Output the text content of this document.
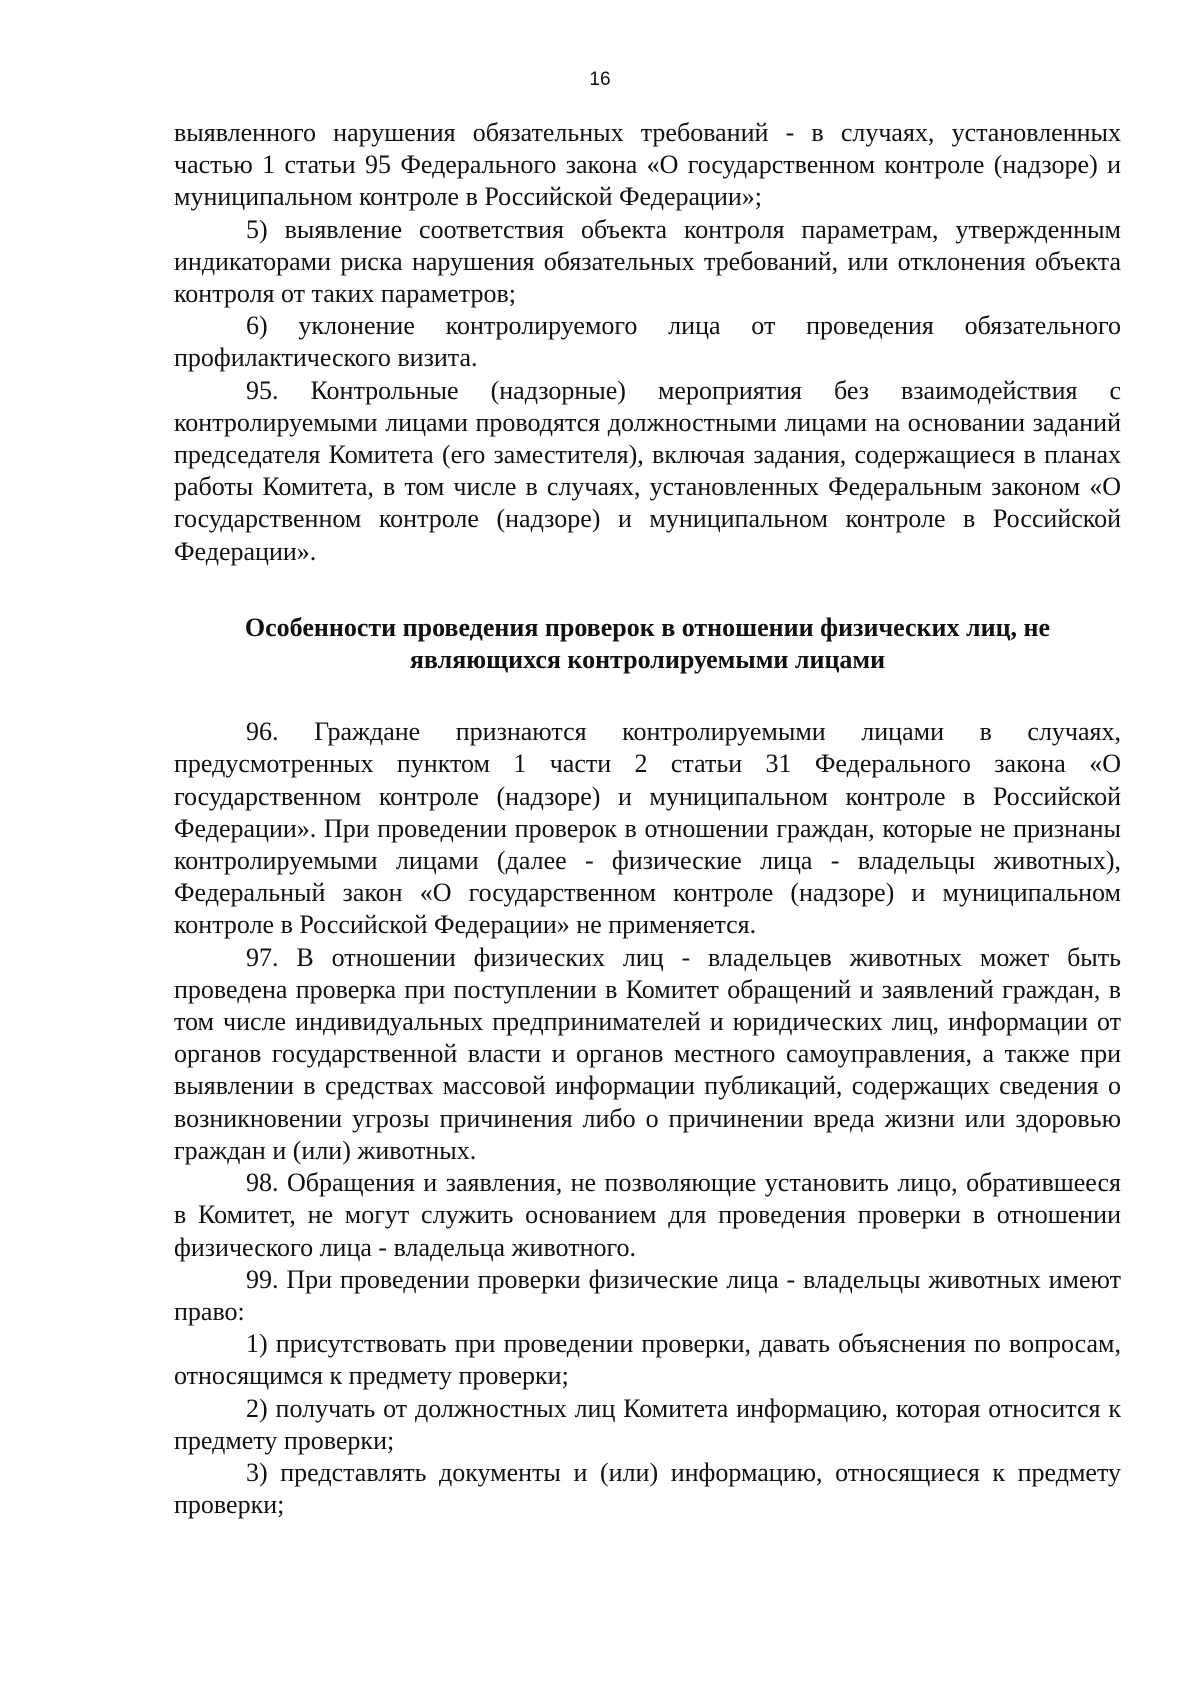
16

выявленного нарушения обязательных требований - в случаях, установленных частью 1 статьи 95 Федерального закона «О государственном контроле (надзоре) и муниципальном контроле в Российской Федерации»;

5) выявление соответствия объекта контроля параметрам, утвержденным индикаторами риска нарушения обязательных требований, или отклонения объекта контроля от таких параметров;

6) уклонение контролируемого лица от проведения обязательного профилактического визита.

95. Контрольные (надзорные) мероприятия без взаимодействия с контролируемыми лицами проводятся должностными лицами на основании заданий председателя Комитета (его заместителя), включая задания, содержащиеся в планах работы Комитета, в том числе в случаях, установленных Федеральным законом «О государственном контроле (надзоре) и муниципальном контроле в Российской Федерации».

Особенности проведения проверок в отношении физических лиц, не
являющихся контролируемыми лицами

96. Граждане признаются контролируемыми лицами в случаях, предусмотренных пунктом 1 части 2 статьи 31 Федерального закона «О государственном контроле (надзоре) и муниципальном контроле в Российской Федерации». При проведении проверок в отношении граждан, которые не признаны контролируемыми лицами (далее - физические лица - владельцы животных), Федеральный закон «О государственном контроле (надзоре) и муниципальном контроле в Российской Федерации» не применяется.

97. В отношении физических лиц - владельцев животных может быть проведена проверка при поступлении в Комитет обращений и заявлений граждан, в том числе индивидуальных предпринимателей и юридических лиц, информации от органов государственной власти и органов местного самоуправления, а также при выявлении в средствах массовой информации публикаций, содержащих сведения о возникновении угрозы причинения либо о причинении вреда жизни или здоровью граждан и (или) животных.

98. Обращения и заявления, не позволяющие установить лицо, обратившееся в Комитет, не могут служить основанием для проведения проверки в отношении физического лица - владельца животного.

99. При проведении проверки физические лица - владельцы животных имеют право:

1) присутствовать при проведении проверки, давать объяснения по вопросам, относящимся к предмету проверки;

2) получать от должностных лиц Комитета информацию, которая относится к предмету проверки;

3) представлять документы и (или) информацию, относящиеся к предмету проверки;
